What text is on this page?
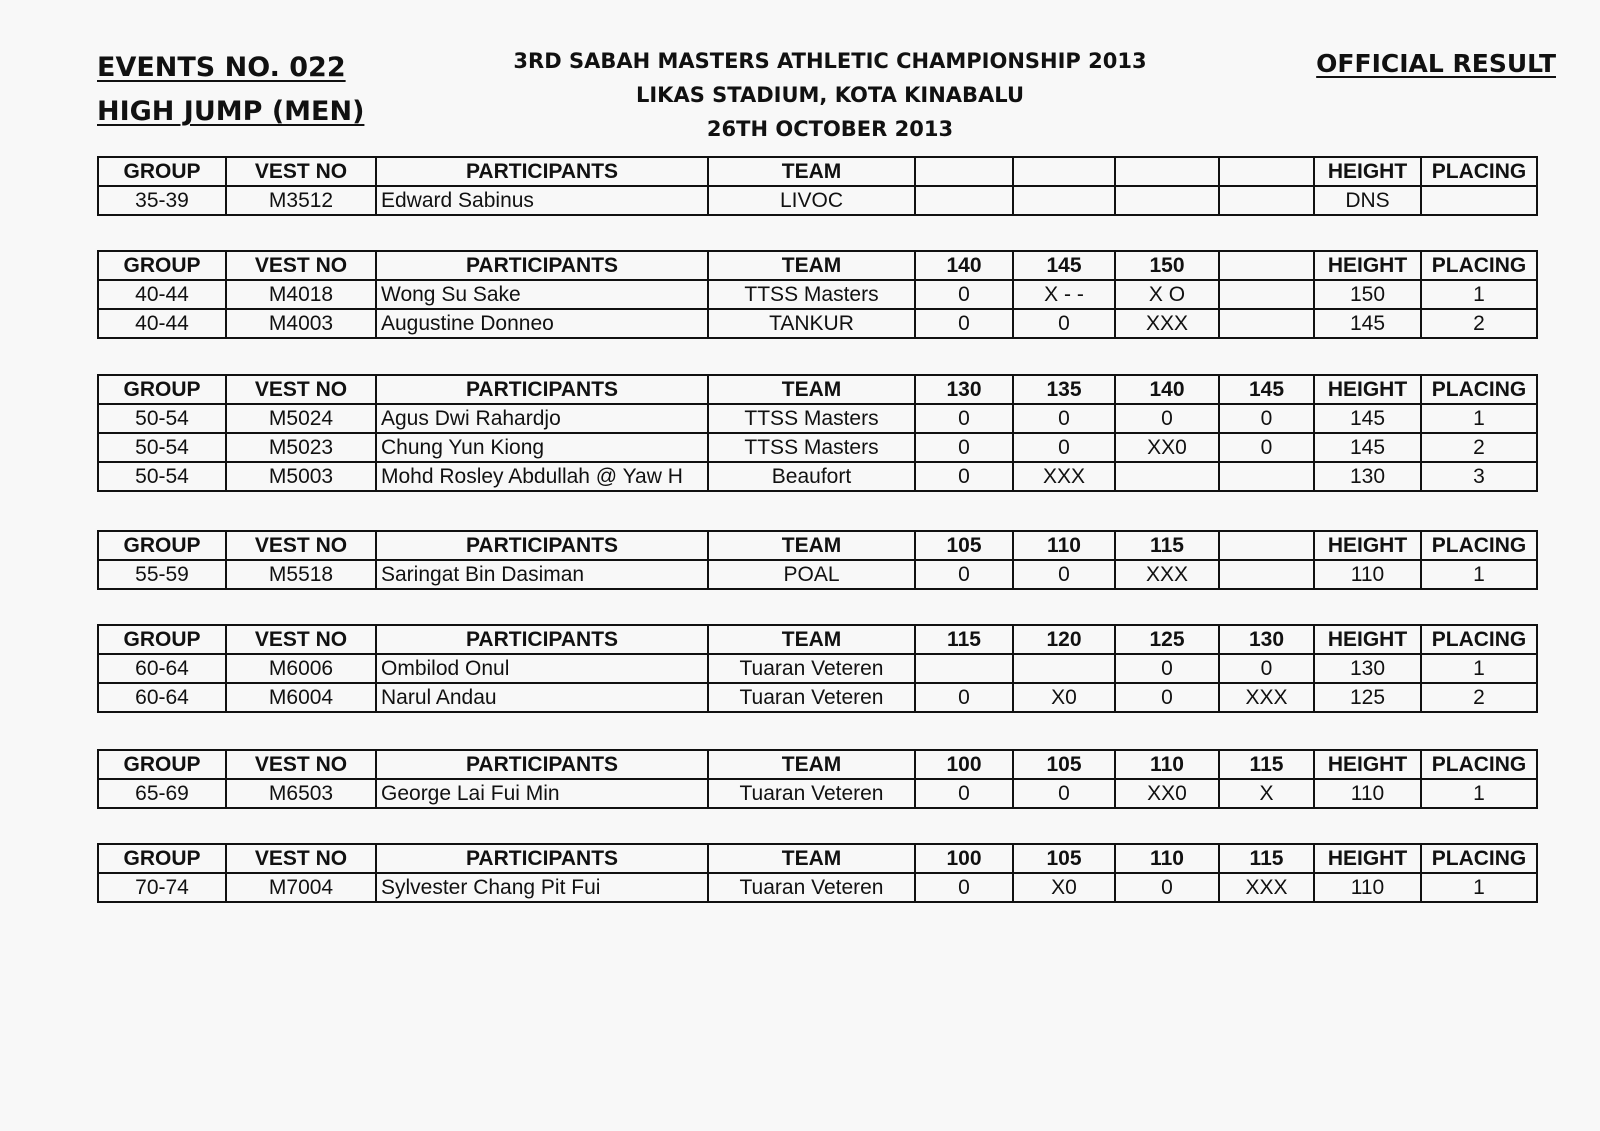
EVENTS NO. 022
HIGH JUMP (MEN)
3RD SABAH MASTERS ATHLETIC CHAMPIONSHIP 2013
LIKAS STADIUM, KOTA KINABALU
26TH OCTOBER 2013
OFFICIAL RESULT
GROUP	VEST NO	PARTICIPANTS	TEAM					HEIGHT	PLACING
35-39	M3512	Edward Sabinus	LIVOC					DNS	
GROUP	VEST NO	PARTICIPANTS	TEAM	140	145	150		HEIGHT	PLACING
40-44	M4018	Wong Su Sake	TTSS Masters	0	X - -	X O		150	1
40-44	M4003	Augustine Donneo	TANKUR	0	0	XXX		145	2
GROUP	VEST NO	PARTICIPANTS	TEAM	130	135	140	145	HEIGHT	PLACING
50-54	M5024	Agus Dwi Rahardjo	TTSS Masters	0	0	0	0	145	1
50-54	M5023	Chung Yun Kiong	TTSS Masters	0	0	XX0	0	145	2
50-54	M5003	Mohd Rosley Abdullah @ Yaw H	Beaufort	0	XXX			130	3
GROUP	VEST NO	PARTICIPANTS	TEAM	105	110	115		HEIGHT	PLACING
55-59	M5518	Saringat Bin Dasiman	POAL	0	0	XXX		110	1
GROUP	VEST NO	PARTICIPANTS	TEAM	115	120	125	130	HEIGHT	PLACING
60-64	M6006	Ombilod Onul	Tuaran Veteren			0	0	130	1
60-64	M6004	Narul Andau	Tuaran Veteren	0	X0	0	XXX	125	2
GROUP	VEST NO	PARTICIPANTS	TEAM	100	105	110	115	HEIGHT	PLACING
65-69	M6503	George Lai Fui Min	Tuaran Veteren	0	0	XX0	X	110	1
GROUP	VEST NO	PARTICIPANTS	TEAM	100	105	110	115	HEIGHT	PLACING
70-74	M7004	Sylvester Chang Pit Fui	Tuaran Veteren	0	X0	0	XXX	110	1
